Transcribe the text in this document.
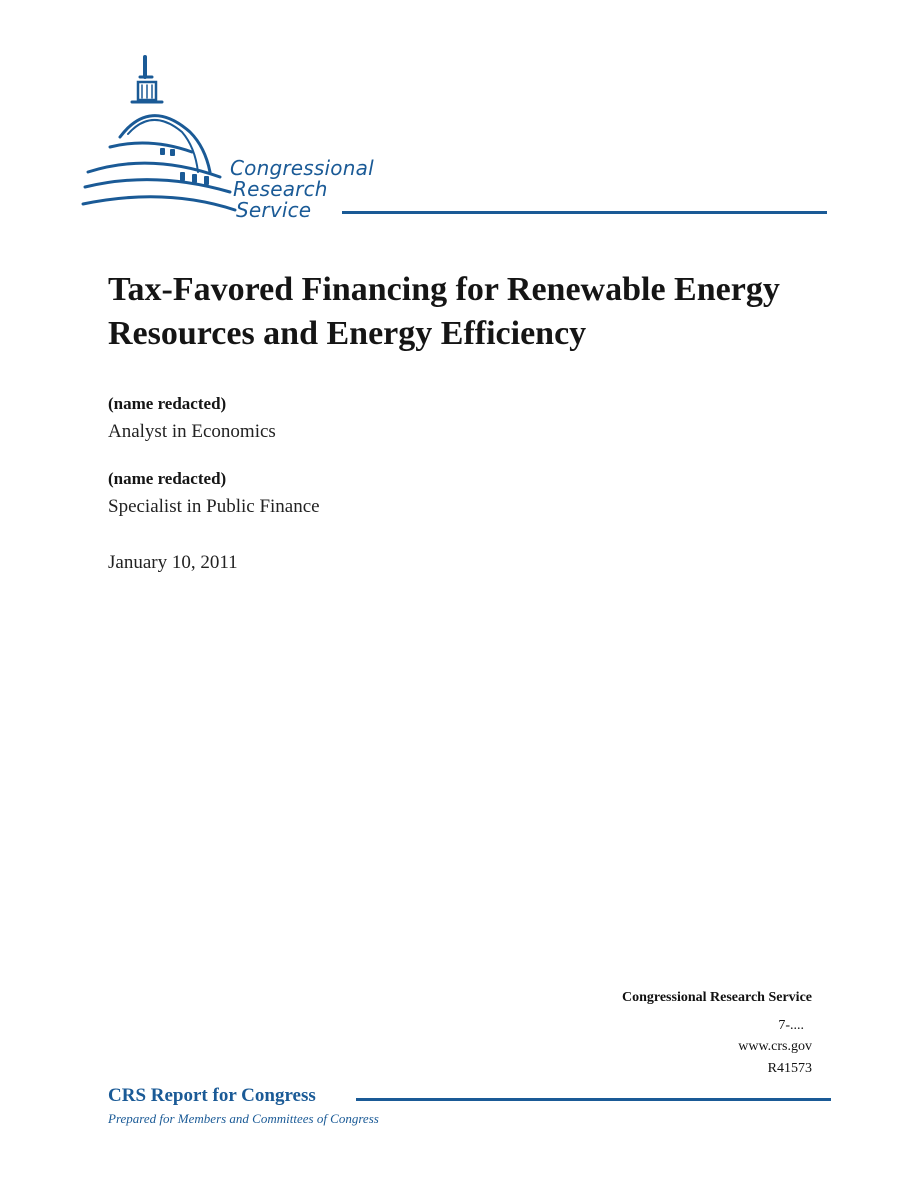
Congressional
Research
Service
Tax-Favored Financing for Renewable Energy Resources and Energy Efficiency
(name redacted)
Analyst in Economics
(name redacted)
Specialist in Public Finance
January 10, 2011
Congressional Research Service
7-....
www.crs.gov
R41573
CRS Report for Congress
Prepared for Members and Committees of Congress
